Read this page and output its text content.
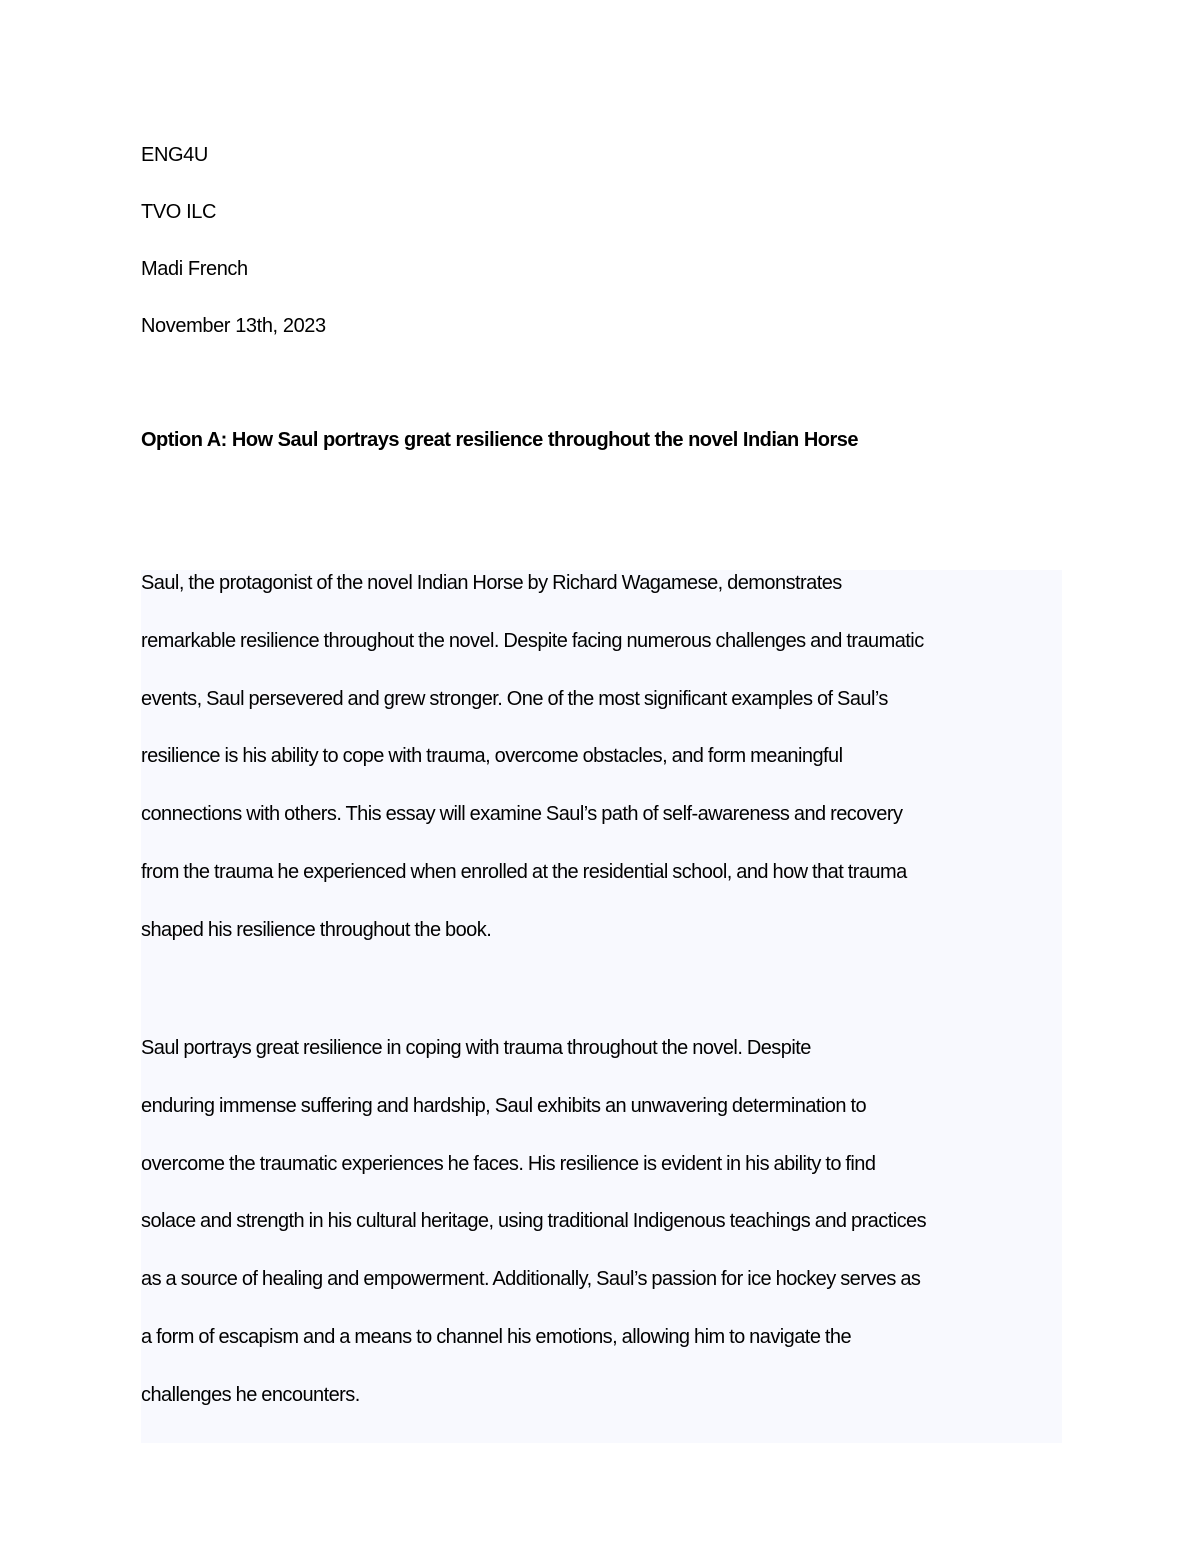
ENG4U
TVO ILC
Madi French
November 13th, 2023
Option A: How Saul portrays great resilience throughout the novel Indian Horse
Saul, the protagonist of the novel Indian Horse by Richard Wagamese, demonstrates
remarkable resilience throughout the novel. Despite facing numerous challenges and traumatic
events, Saul persevered and grew stronger. One of the most significant examples of Saul’s
resilience is his ability to cope with trauma, overcome obstacles, and form meaningful
connections with others. This essay will examine Saul’s path of self-awareness and recovery
from the trauma he experienced when enrolled at the residential school, and how that trauma
shaped his resilience throughout the book.
Saul portrays great resilience in coping with trauma throughout the novel. Despite
enduring immense suffering and hardship, Saul exhibits an unwavering determination to
overcome the traumatic experiences he faces. His resilience is evident in his ability to find
solace and strength in his cultural heritage, using traditional Indigenous teachings and practices
as a source of healing and empowerment. Additionally, Saul’s passion for ice hockey serves as
a form of escapism and a means to channel his emotions, allowing him to navigate the
challenges he encounters.
